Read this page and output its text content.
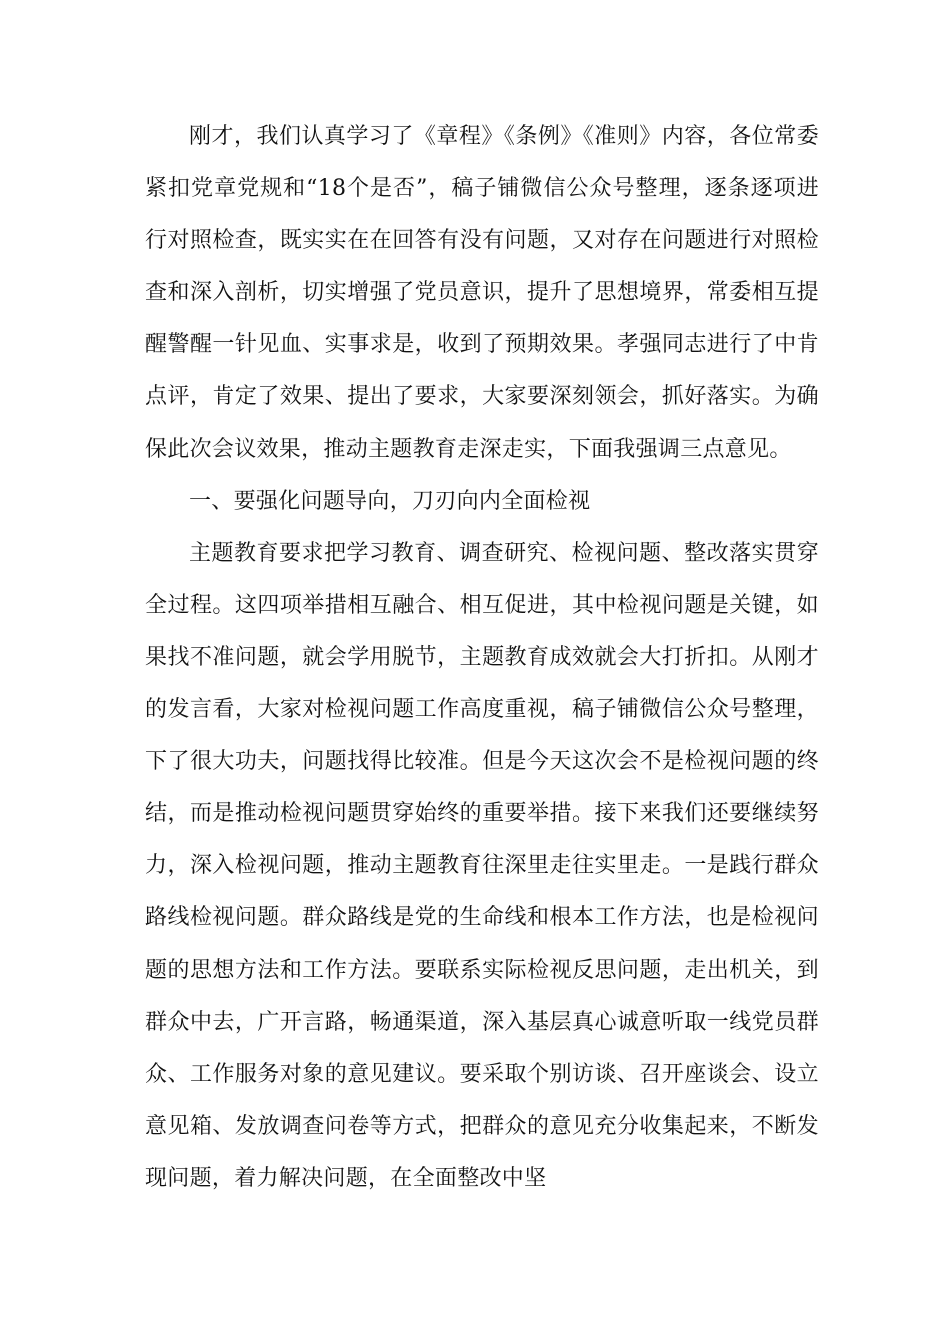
刚才，我们认真学习了《章程》《条例》《准则》内容，各位常委紧扣党章党规和“18个是否”，稿子铺微信公众号整理，逐条逐项进行对照检查，既实实在在回答有没有问题，又对存在问题进行对照检查和深入剖析，切实增强了党员意识，提升了思想境界，常委相互提醒警醒一针见血、实事求是，收到了预期效果。孝强同志进行了中肯点评，肯定了效果、提出了要求，大家要深刻领会，抓好落实。为确保此次会议效果，推动主题教育走深走实，下面我强调三点意见。

一、要强化问题导向，刀刃向内全面检视

主题教育要求把学习教育、调查研究、检视问题、整改落实贯穿全过程。这四项举措相互融合、相互促进，其中检视问题是关键，如果找不准问题，就会学用脱节，主题教育成效就会大打折扣。从刚才的发言看，大家对检视问题工作高度重视，稿子铺微信公众号整理，下了很大功夫，问题找得比较准。但是今天这次会不是检视问题的终结，而是推动检视问题贯穿始终的重要举措。接下来我们还要继续努力，深入检视问题，推动主题教育往深里走往实里走。一是践行群众路线检视问题。群众路线是党的生命线和根本工作方法，也是检视问题的思想方法和工作方法。要联系实际检视反思问题，走出机关，到群众中去，广开言路，畅通渠道，深入基层真心诚意听取一线党员群众、工作服务对象的意见建议。要采取个别访谈、召开座谈会、设立意见箱、发放调查问卷等方式，把群众的意见充分收集起来，不断发现问题，着力解决问题，在全面整改中坚
